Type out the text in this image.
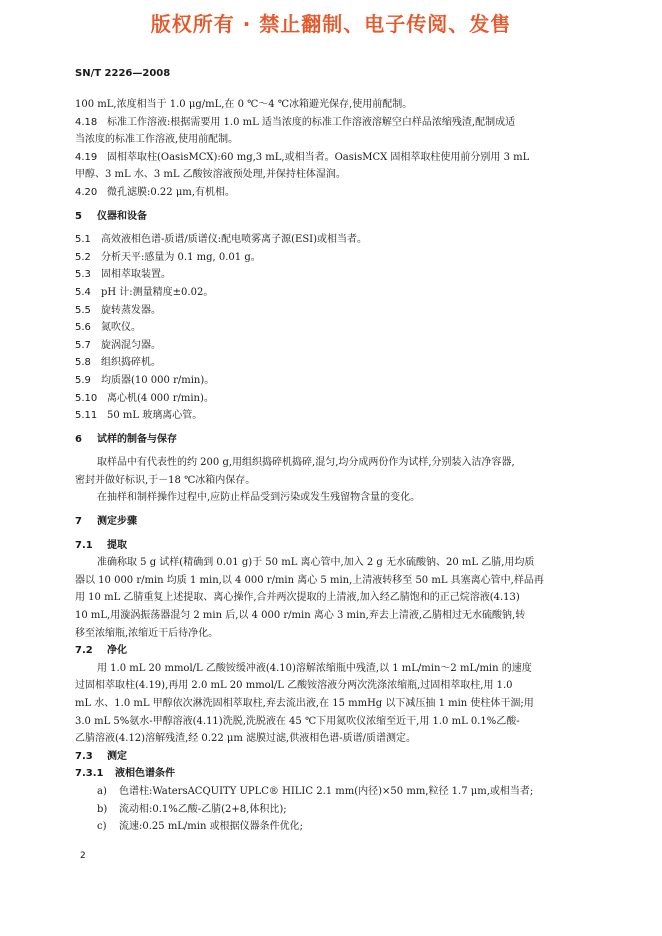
版权所有 · 禁止翻制、电子传阅、发售
SN/T 2226—2008
100 mL,浓度相当于 1.0 μg/mL,在 0 ℃～4 ℃冰箱避光保存,使用前配制。
4.18 标准工作溶液:根据需要用 1.0 mL 适当浓度的标准工作溶液溶解空白样品浓缩残渣,配制成适
当浓度的标准工作溶液,使用前配制。
4.19 固相萃取柱(OasisMCX):60 mg,3 mL,或相当者。OasisMCX 固相萃取柱使用前分别用 3 mL
甲醇、3 mL 水、3 mL 乙酸铵溶液预处理,并保持柱体湿润。
4.20 微孔滤膜:0.22 μm,有机相。
5 仪器和设备
5.1	高效液相色谱-质谱/质谱仪:配电喷雾离子源(ESI)或相当者。
5.2	分析天平:感量为 0.1 mg, 0.01 g。
5.3	固相萃取装置。
5.4	pH 计:测量精度±0.02。
5.5	旋转蒸发器。
5.6	氮吹仪。
5.7	旋涡混匀器。
5.8	组织捣碎机。
5.9	均质器(10 000 r/min)。
5.10 离心机(4 000 r/min)。
5.11 50 mL 玻璃离心管。
6 试样的制备与保存
取样品中有代表性的约 200 g,用组织捣碎机捣碎,混匀,均分成两份作为试样,分别装入洁净容器,
密封并做好标识,于－18 ℃冰箱内保存。
在抽样和制样操作过程中,应防止样品受到污染或发生残留物含量的变化。
7 测定步骤
7.1	提取
准确称取 5 g 试样(精确到 0.01 g)于 50 mL 离心管中,加入 2 g 无水硫酸钠、20 mL 乙腈,用均质
器以 10 000 r/min 均质 1 min,以 4 000 r/min 离心 5 min,上清液转移至 50 mL 具塞离心管中,样品再
用 10 mL 乙腈重复上述提取、离心操作,合并两次提取的上清液,加入经乙腈饱和的正己烷溶液(4.13)
10 mL,用漩涡振荡器混匀 2 min 后,以 4 000 r/min 离心 3 min,弃去上清液,乙腈相过无水硫酸钠,转
移至浓缩瓶,浓缩近干后待净化。
7.2	净化
用 1.0 mL 20 mmol/L 乙酸铵缓冲液(4.10)溶解浓缩瓶中残渣,以 1 mL/min～2 mL/min 的速度
过固相萃取柱(4.19),再用 2.0 mL 20 mmol/L 乙酸铵溶液分两次洗涤浓缩瓶,过固相萃取柱,用 1.0
mL 水、1.0 mL 甲醇依次淋洗固相萃取柱,弃去流出液,在 15 mmHg 以下减压抽 1 min 使柱体干涸;用
3.0 mL 5%氨水-甲醇溶液(4.11)洗脱,洗脱液在 45 ℃下用氮吹仪浓缩至近干,用 1.0 mL 0.1%乙酸-
乙腈溶液(4.12)溶解残渣,经 0.22 μm 滤膜过滤,供液相色谱-质谱/质谱测定。
7.3	测定
7.3.1	液相色谱条件
a)	色谱柱:WatersACQUITY UPLC® HILIC 2.1 mm(内径)×50 mm,粒径 1.7 μm,或相当者;
b)	流动相:0.1%乙酸-乙腈(2+8,体积比);
c)	流速:0.25 mL/min 或根据仪器条件优化;
2
